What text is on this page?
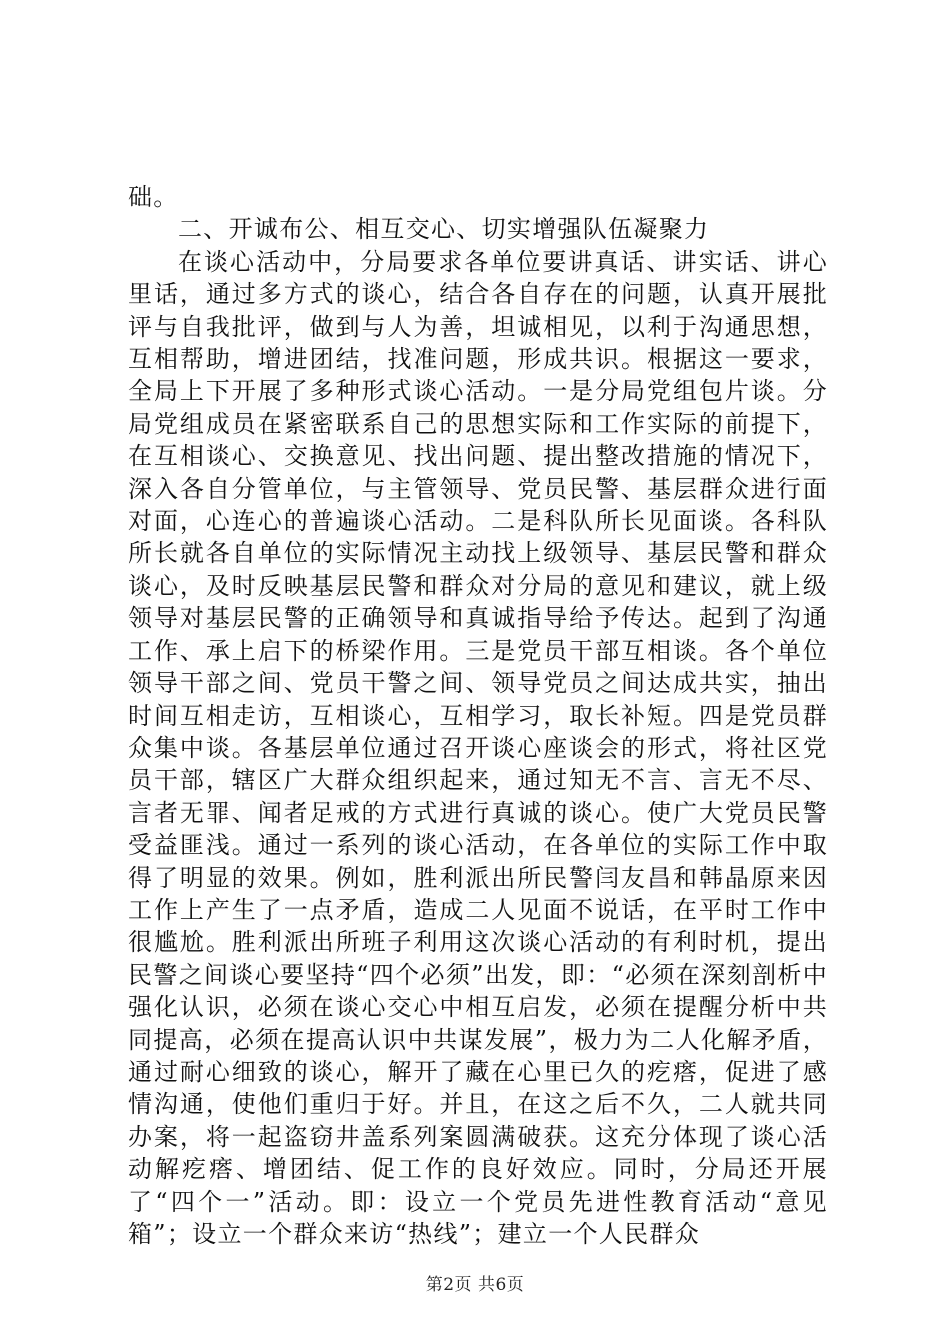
础。

二、开诚布公、相互交心、切实增强队伍凝聚力

在谈心活动中，分局要求各单位要讲真话、讲实话、讲心里话，通过多方式的谈心，结合各自存在的问题，认真开展批评与自我批评，做到与人为善，坦诚相见，以利于沟通思想，互相帮助，增进团结，找准问题，形成共识。根据这一要求，全局上下开展了多种形式谈心活动。一是分局党组包片谈。分局党组成员在紧密联系自己的思想实际和工作实际的前提下，在互相谈心、交换意见、找出问题、提出整改措施的情况下，深入各自分管单位，与主管领导、党员民警、基层群众进行面对面，心连心的普遍谈心活动。二是科队所长见面谈。各科队所长就各自单位的实际情况主动找上级领导、基层民警和群众谈心，及时反映基层民警和群众对分局的意见和建议，就上级领导对基层民警的正确领导和真诚指导给予传达。起到了沟通工作、承上启下的桥梁作用。三是党员干部互相谈。各个单位领导干部之间、党员干警之间、领导党员之间达成共实，抽出时间互相走访，互相谈心，互相学习，取长补短。四是党员群众集中谈。各基层单位通过召开谈心座谈会的形式，将社区党员干部，辖区广大群众组织起来，通过知无不言、言无不尽、言者无罪、闻者足戒的方式进行真诚的谈心。使广大党员民警受益匪浅。通过一系列的谈心活动，在各单位的实际工作中取得了明显的效果。例如，胜利派出所民警闫友昌和韩晶原来因工作上产生了一点矛盾，造成二人见面不说话，在平时工作中很尴尬。胜利派出所班子利用这次谈心活动的有利时机，提出民警之间谈心要坚持“四个必须”出发，即：“必须在深刻剖析中强化认识，必须在谈心交心中相互启发，必须在提醒分析中共同提高，必须在提高认识中共谋发展”，极力为二人化解矛盾，通过耐心细致的谈心，解开了藏在心里已久的疙瘩，促进了感情沟通，使他们重归于好。并且，在这之后不久，二人就共同办案，将一起盗窃井盖系列案圆满破获。这充分体现了谈心活动解疙瘩、增团结、促工作的良好效应。同时，分局还开展了“四个一”活动。即：设立一个党员先进性教育活动“意见箱”；设立一个群众来访“热线”；建立一个人民群众

第2页 共6页
